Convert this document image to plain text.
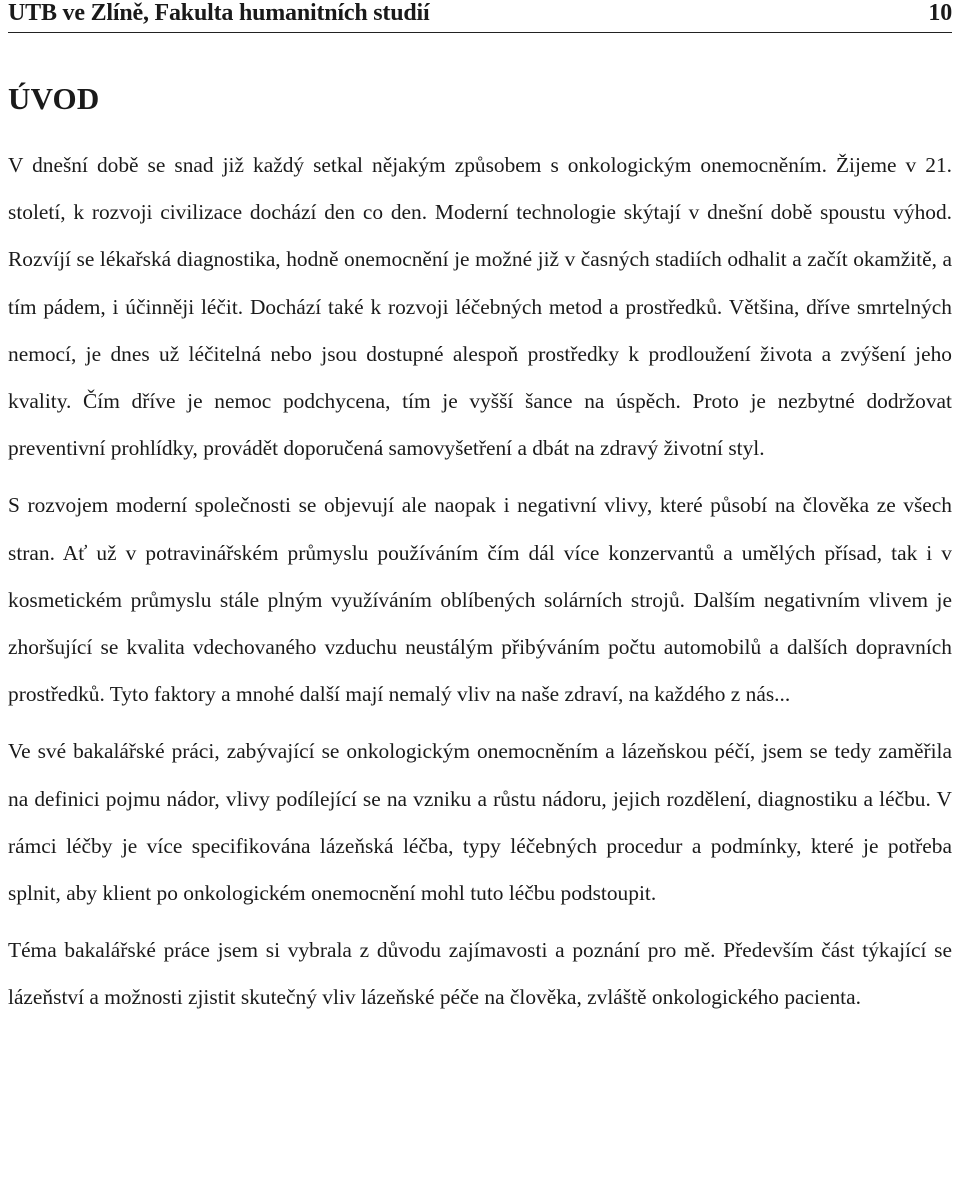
UTB ve Zlíně, Fakulta humanitních studií	10
ÚVOD

V dnešní době se snad již každý setkal nějakým způsobem s onkologickým onemocněním. Žijeme v 21. století, k rozvoji civilizace dochází den co den. Moderní technologie skýtají v dnešní době spoustu výhod. Rozvíjí se lékařská diagnostika, hodně onemocnění je možné již v časných stadiích odhalit a začít okamžitě, a tím pádem, i účinněji léčit. Dochází také k rozvoji léčebných metod a prostředků. Většina, dříve smrtelných nemocí, je dnes už léčitelná nebo jsou dostupné alespoň prostředky k prodloužení života a zvýšení jeho kvality. Čím dříve je nemoc podchycena, tím je vyšší šance na úspěch. Proto je nezbytné dodržovat preventivní prohlídky, provádět doporučená samovyšetření a dbát na zdravý životní styl.

S rozvojem moderní společnosti se objevují ale naopak i negativní vlivy, které působí na člověka ze všech stran. Ať už v potravinářském průmyslu používáním čím dál více konzervantů a umělých přísad, tak i v kosmetickém průmyslu stále plným využíváním oblíbených solárních strojů. Dalším negativním vlivem je zhoršující se kvalita vdechovaného vzduchu neustálým přibýváním počtu automobilů a dalších dopravních prostředků. Tyto faktory a mnohé další mají nemalý vliv na naše zdraví, na každého z nás...

Ve své bakalářské práci, zabývající se onkologickým onemocněním a lázeňskou péčí, jsem se tedy zaměřila na definici pojmu nádor, vlivy podílející se na vzniku a růstu nádoru, jejich rozdělení, diagnostiku a léčbu. V rámci léčby je více specifikována lázeňská léčba, typy léčebných procedur a podmínky, které je potřeba splnit, aby klient po onkologickém onemocnění mohl tuto léčbu podstoupit.

Téma bakalářské práce jsem si vybrala z důvodu zajímavosti a poznání pro mě. Především část týkající se lázeňství a možnosti zjistit skutečný vliv lázeňské péče na člověka, zvláště onkologického pacienta.
